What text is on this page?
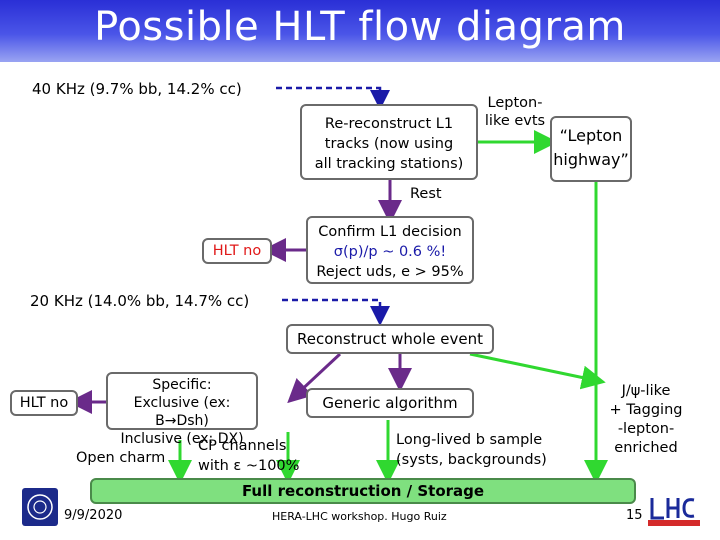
Possible HLT flow diagram
40 KHz (9.7% bb, 14.2% cc)
20 KHz (14.0% bb, 14.7% cc)
Re-reconstruct L1
tracks (now using
all tracking stations)
Lepton-
like evts
“Lepton
highway”
Rest
Confirm L1 decision
σ(p)/p ~ 0.6 %!
Reject uds, e > 95%
HLT no
Reconstruct whole event
HLT no
Specific:
Exclusive (ex: B→Dsh)
Inclusive (ex: DX)
Generic algorithm
Open charm
CP channels
with ε ~100%
Long-lived b sample
(systs, backgrounds)
J/ψ-like
+ Tagging
-lepton-
enriched
Full reconstruction / Storage
9/9/2020	HERA-LHC workshop. Hugo Ruiz	15
